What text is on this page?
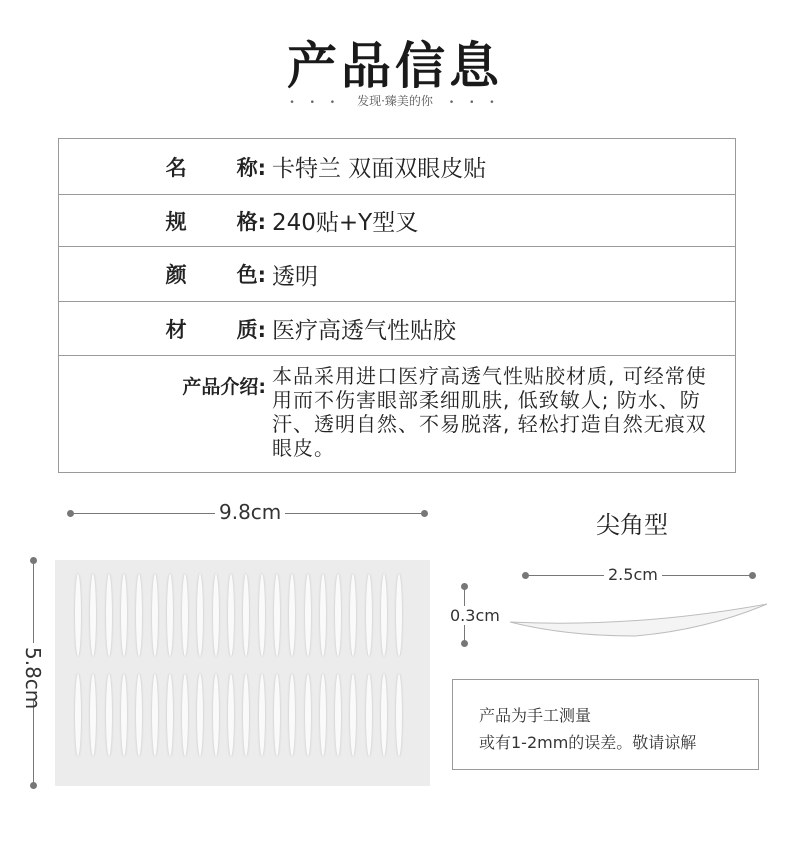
产品信息
• • • 发现·臻美的你 • • •
名 称: 卡特兰 双面双眼皮贴
规 格: 240贴+Y型叉
颜 色: 透明
材 质: 医疗高透气性贴胶
产品介绍: 本品采用进口医疗高透气性贴胶材质, 可经常使用而不伤害眼部柔细肌肤, 低致敏人; 防水、防汗、透明自然、不易脱落, 轻松打造自然无痕双眼皮。
9.8cm
5.8cm
尖角型
2.5cm
0.3cm
产品为手工测量
或有1-2mm的误差。敬请谅解
